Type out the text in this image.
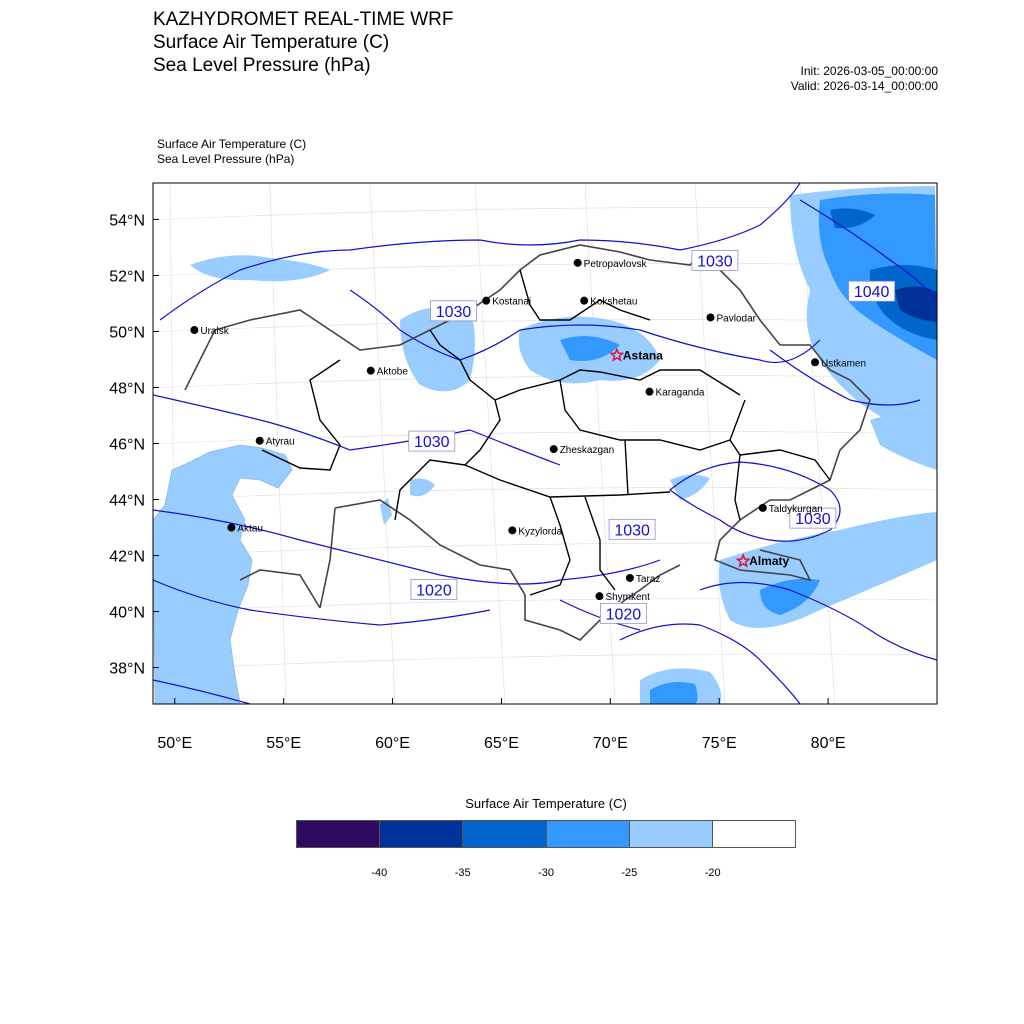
KAZHYDROMET REAL-TIME WRF
Surface Air Temperature (C)
Sea Level Pressure (hPa)	Init: 2026-03-05_00:00:00
Valid: 2026-03-14_00:00:00
Surface Air Temperature (C)
Sea Level Pressure (hPa)
38°N
40°N
42°N
44°N
46°N
48°N
50°N
52°N
54°N
50°E	55°E	60°E	65°E	70°E	75°E	80°E
1030
1040
1030
1030
1030
1030
1020
1020
Petropavlovsk
Kostanai	Kokshetau
Pavlodar
Uralsk
Astana
Ustkamen
Aktobe
Karaganda
Atyrau
Zheskazgan
Taldykurgan
Aktau	Kyzylorda
Almaty
Taraz
Shymkent
Surface Air Temperature (C)
-40	-35	-30	-25	-20
